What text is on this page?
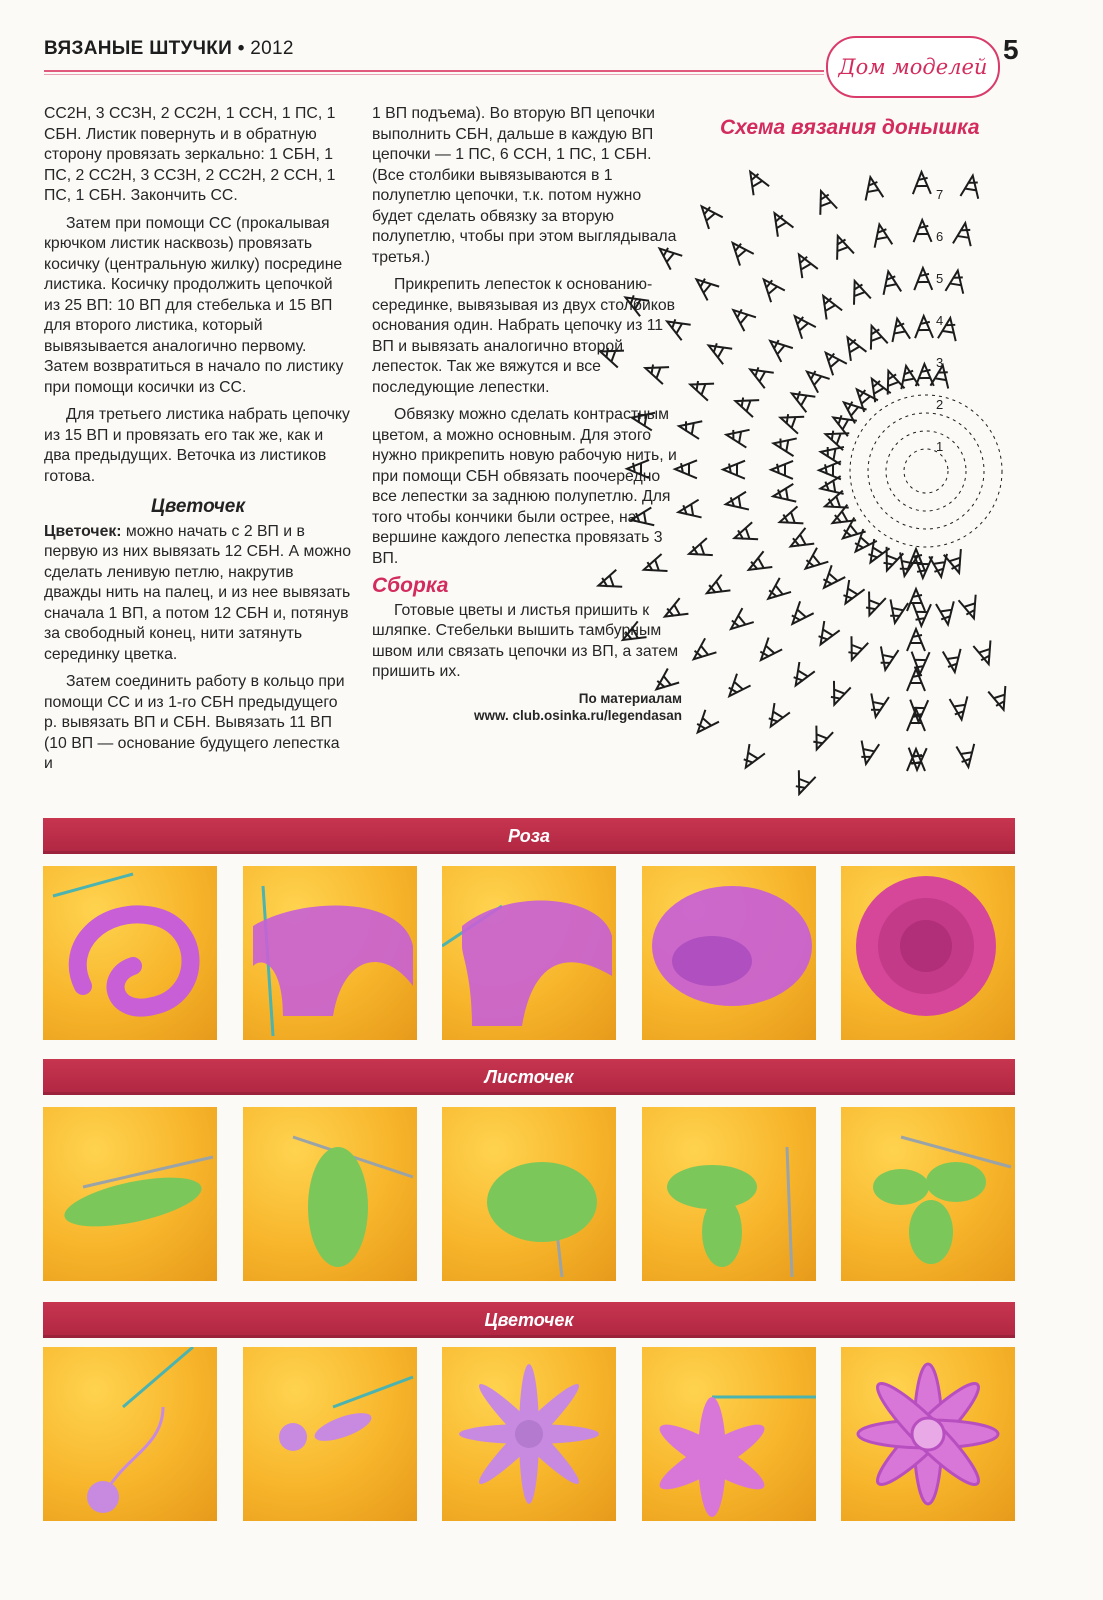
ВЯЗАНЫЕ ШТУЧКИ • 2012
Дом моделей
5

СС2Н, 3 СС3Н, 2 СС2Н, 1 ССН, 1 ПС, 1 СБН. Листик повернуть и в обратную сторону провязать зеркально: 1 СБН, 1 ПС, 2 СС2Н, 3 СС3Н, 2 СС2Н, 2 ССН, 1 ПС, 1 СБН. Закончить СС.

Затем при помощи СС (прокалывая крючком листик насквозь) провязать косичку (центральную жилку) посредине листика. Косичку продолжить цепочкой из 25 ВП: 10 ВП для стебелька и 15 ВП для второго листика, который вывязывается аналогично первому. Затем возвратиться в начало по листику при помощи косички из СС.

Для третьего листика набрать цепочку из 15 ВП и провязать его так же, как и два предыдущих. Веточка из листиков готова.

Цветочек

Цветочек: можно начать с 2 ВП и в первую из них вывязать 12 СБН. А можно сделать ленивую петлю, накрутив дважды нить на палец, и из нее вывязать сначала 1 ВП, а потом 12 СБН и, потянув за свободный конец, нити затянуть серединку цветка.

Затем соединить работу в кольцо при помощи СС и из 1-го СБН предыдущего р. вывязать ВП и СБН. Вывязать 11 ВП (10 ВП — основание будущего лепестка и

1 ВП подъема). Во вторую ВП цепочки выполнить СБН, дальше в каждую ВП цепочки — 1 ПС, 6 ССН, 1 ПС, 1 СБН. (Все столбики вывязываются в 1 полупетлю цепочки, т.к. потом нужно будет сделать обвязку за вторую полупетлю, чтобы при этом выглядывала третья.)

Прикрепить лепесток к основанию-серединке, вывязывая из двух столбиков основания один. Набрать цепочку из 11 ВП и вывязать аналогично второй лепесток. Так же вяжутся и все последующие лепестки.

Обвязку можно сделать контрастным цветом, а можно основным. Для этого нужно прикрепить новую рабочую нить, и при помощи СБН обвязать поочередно все лепестки за заднюю полупетлю. Для того чтобы кончики были острее, на вершине каждого лепестка провязать 3 ВП.

Сборка

Готовые цветы и листья пришить к шляпке. Стебельки вышить тамбурным швом или связать цепочки из ВП, а затем пришить их.

По материалам
www. club.osinka.ru/legendasan
Схема вязания донышка
1
2
3
4
5
6
7
Роза
Листочек
Цветочек
